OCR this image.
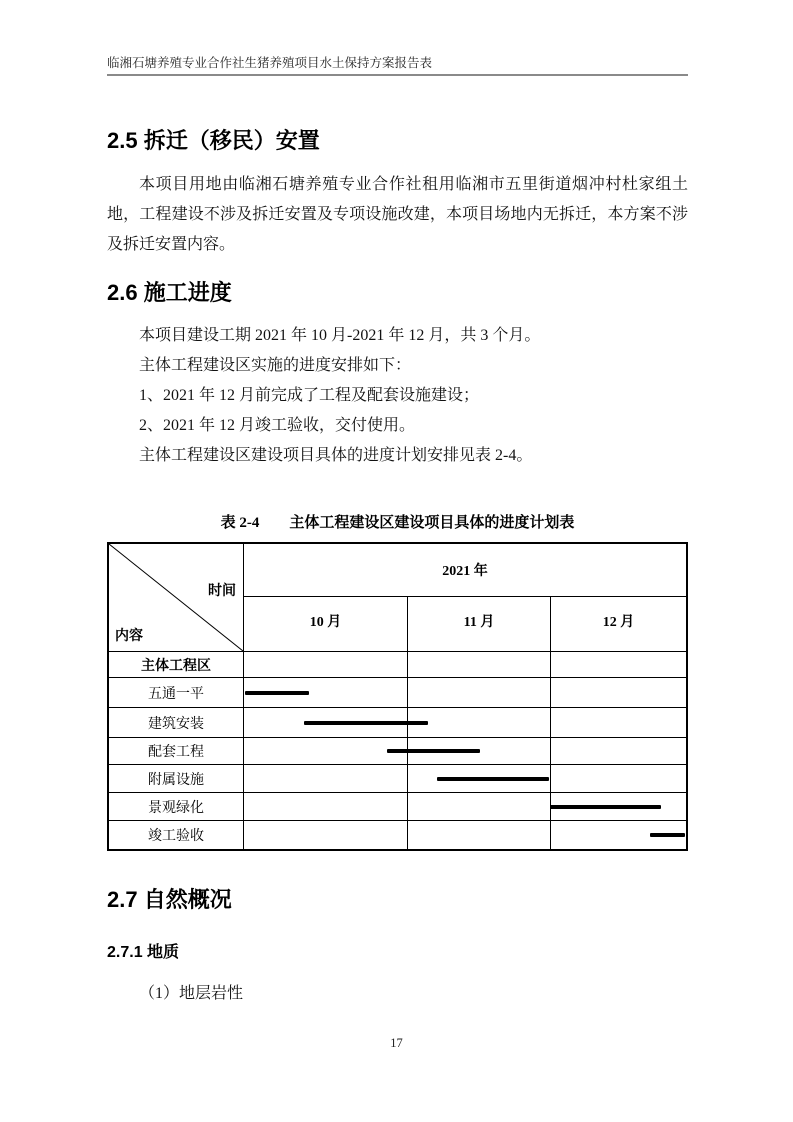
临湘石塘养殖专业合作社生猪养殖项目水土保持方案报告表
2.5 拆迁（移民）安置

本项目用地由临湘石塘养殖专业合作社租用临湘市五里街道烟冲村杜家组土地，工程建设不涉及拆迁安置及专项设施改建，本项目场地内无拆迁，本方案不涉及拆迁安置内容。

2.6 施工进度

本项目建设工期 2021 年 10 月-2021 年 12 月，共 3 个月。

主体工程建设区实施的进度安排如下：

1、2021 年 12 月前完成了工程及配套设施建设；

2、2021 年 12 月竣工验收，交付使用。

主体工程建设区建设项目具体的进度计划安排见表 2-4。

表 2-4 主体工程建设区建设项目具体的进度计划表
时间
内容
2021 年
10 月	11 月	12 月
主体工程区
五通一平
建筑安装
配套工程
附属设施
景观绿化
竣工验收
2.7 自然概况
2.7.1 地质

（1）地层岩性

17
